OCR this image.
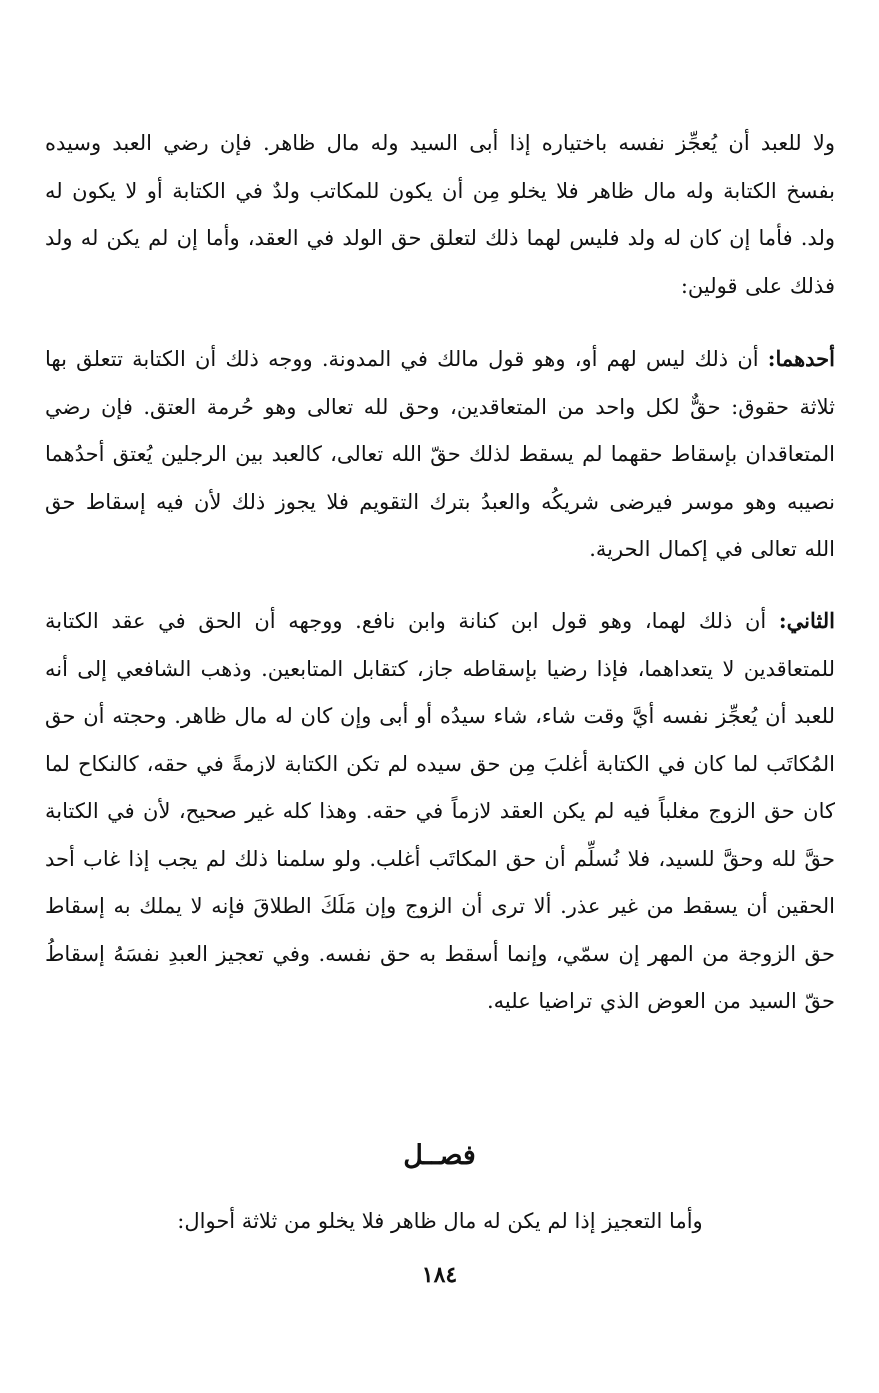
ولا للعبد أن يُعجِّز نفسه باختياره إذا أبى السيد وله مال ظاهر. فإن رضي العبد وسيده بفسخ الكتابة وله مال ظاهر فلا يخلو مِن أن يكون للمكاتب ولدٌ في الكتابة أو لا يكون له ولد. فأما إن كان له ولد فليس لهما ذلك لتعلق حق الولد في العقد، وأما إن لم يكن له ولد فذلك على قولين:

أحدهما: أن ذلك ليس لهم أو، وهو قول مالك في المدونة. ووجه ذلك أن الكتابة تتعلق بها ثلاثة حقوق: حقٌّ لكل واحد من المتعاقدين، وحق لله تعالى وهو حُرمة العتق. فإن رضي المتعاقدان بإسقاط حقهما لم يسقط لذلك حقّ الله تعالى، كالعبد بين الرجلين يُعتق أحدُهما نصيبه وهو موسر فيرضى شريكُه والعبدُ بترك التقويم فلا يجوز ذلك لأن فيه إسقاط حق الله تعالى في إكمال الحرية.

الثاني: أن ذلك لهما، وهو قول ابن كنانة وابن نافع. ووجهه أن الحق في عقد الكتابة للمتعاقدين لا يتعداهما، فإذا رضيا بإسقاطه جاز، كتقابل المتابعين. وذهب الشافعي إلى أنه للعبد أن يُعجِّز نفسه أيَّ وقت شاء، شاء سيدُه أو أبى وإن كان له مال ظاهر. وحجته أن حق المُكاتَب لما كان في الكتابة أغلبَ مِن حق سيده لم تكن الكتابة لازمةً في حقه، كالنكاح لما كان حق الزوج مغلباً فيه لم يكن العقد لازماً في حقه. وهذا كله غير صحيح، لأن في الكتابة حقَّ لله وحقَّ للسيد، فلا نُسلِّم أن حق المكاتَب أغلب. ولو سلمنا ذلك لم يجب إذا غاب أحد الحقين أن يسقط من غير عذر. ألا ترى أن الزوج وإن مَلَكَ الطلاقَ فإنه لا يملك به إسقاط حق الزوجة من المهر إن سمّي، وإنما أسقط به حق نفسه. وفي تعجيز العبدِ نفسَهُ إسقاطُ حقّ السيد من العوض الذي تراضيا عليه.

فصــل
وأما التعجيز إذا لم يكن له مال ظاهر فلا يخلو من ثلاثة أحوال:
١٨٤
